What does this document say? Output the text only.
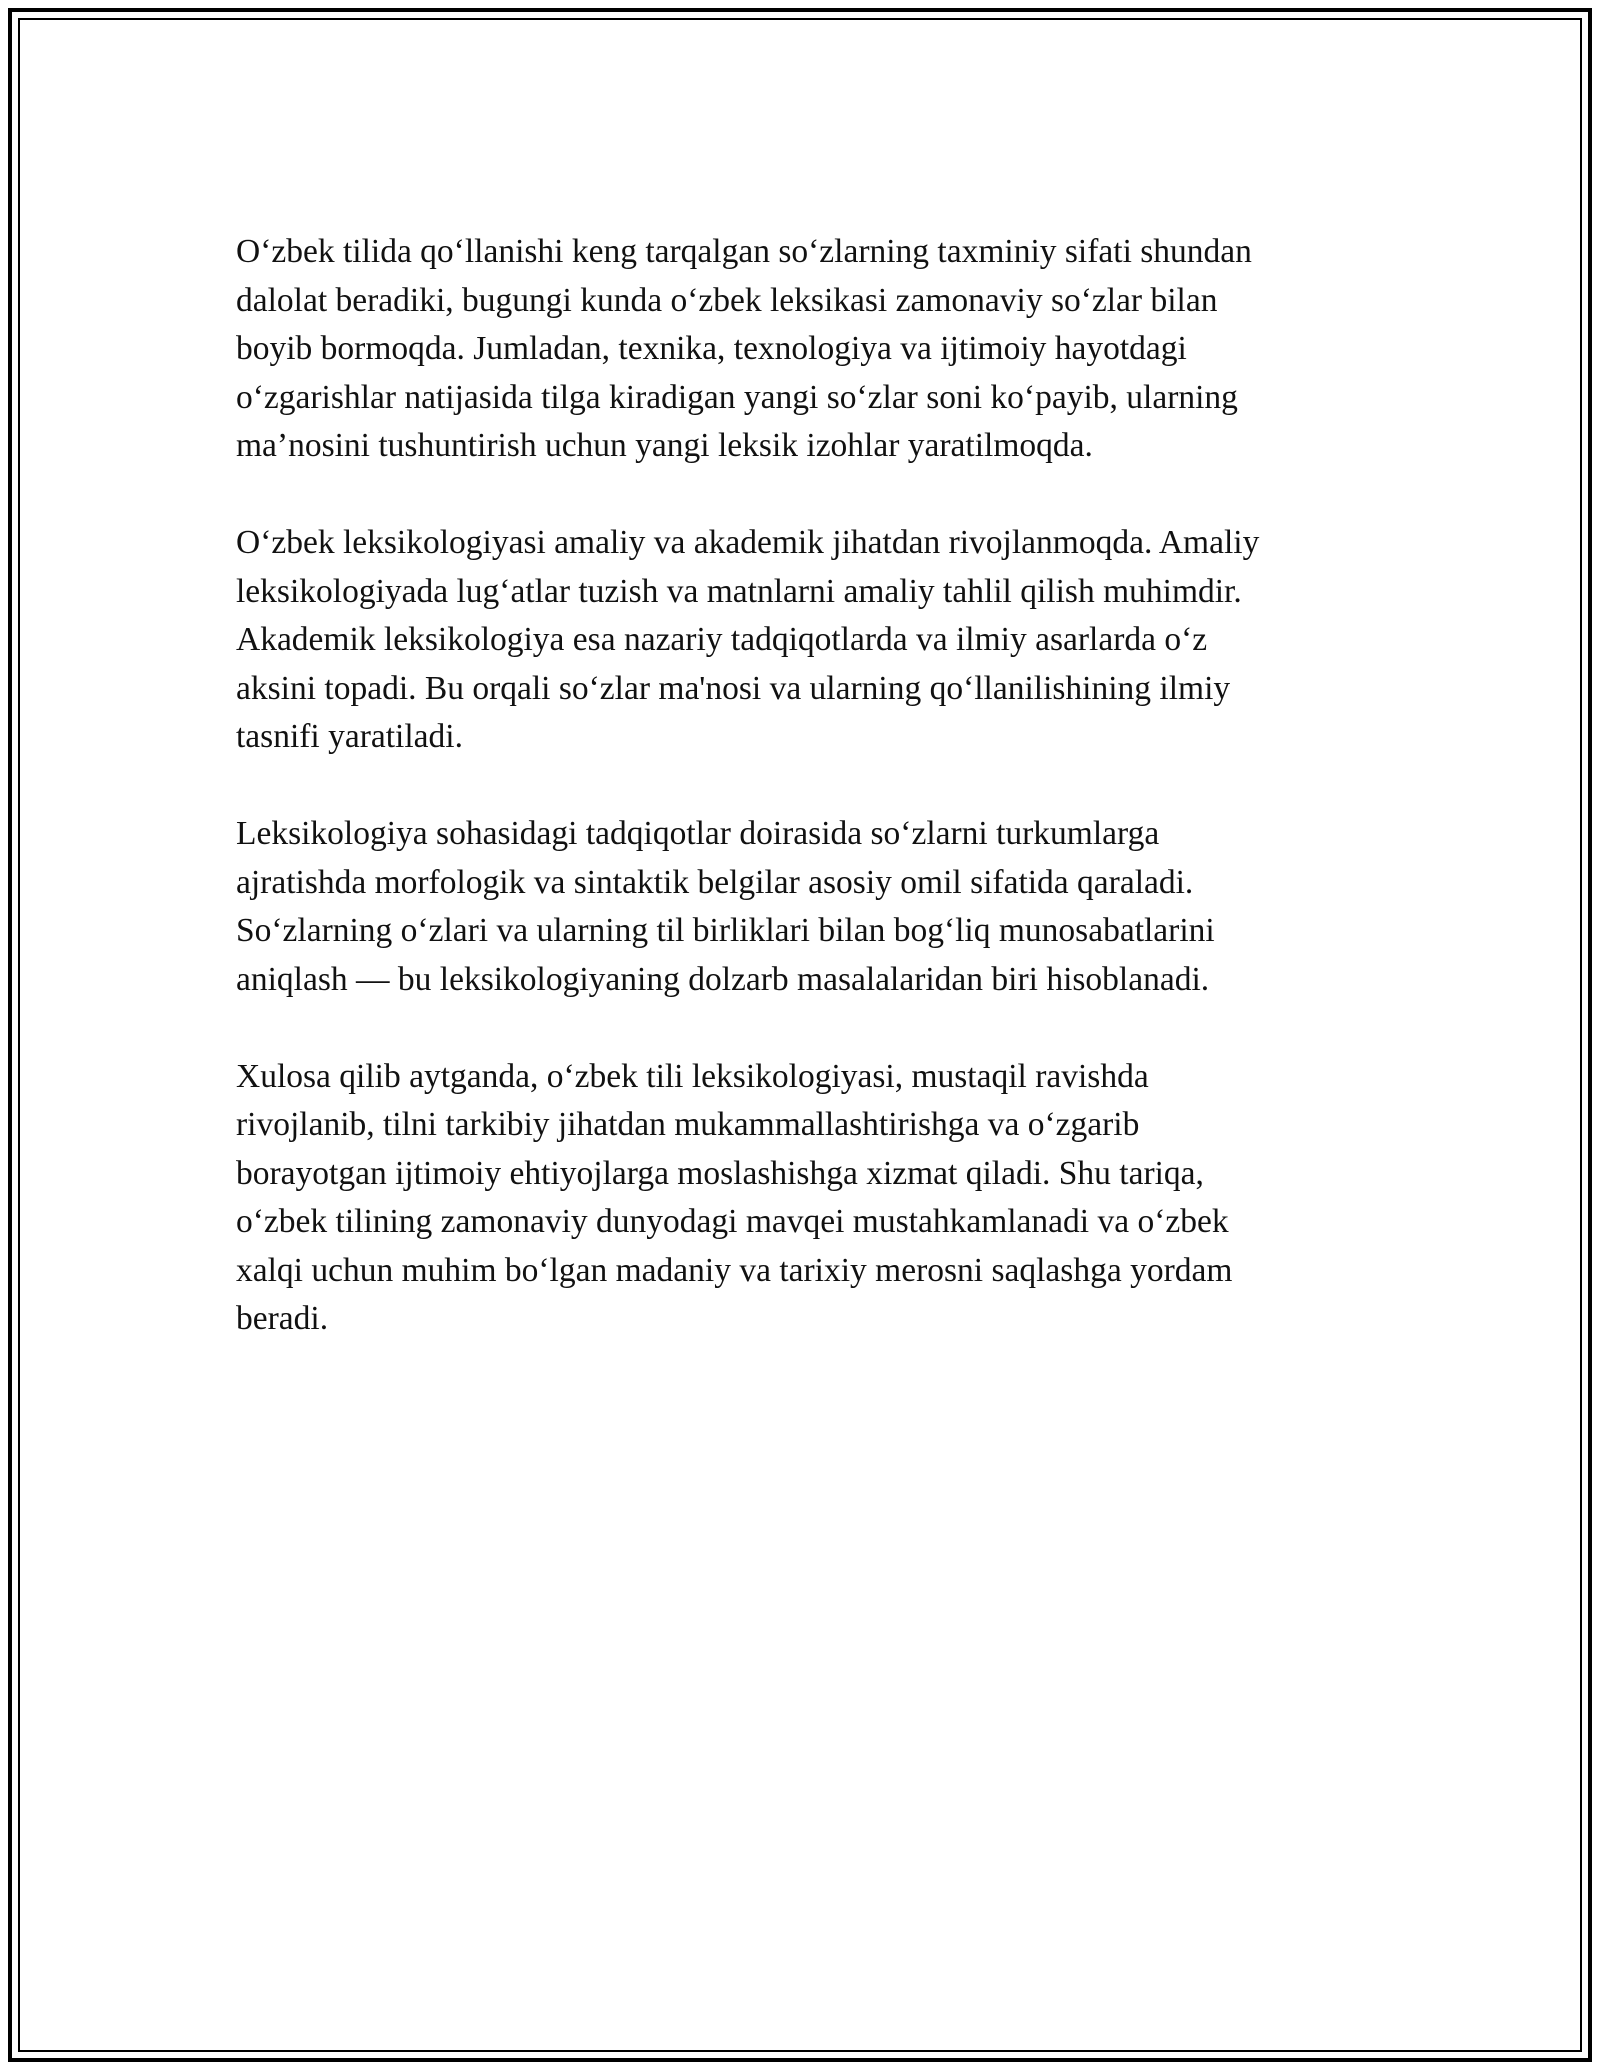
O‘zbek tilida qo‘llanishi keng tarqalgan so‘zlarning taxminiy sifati shundan
dalolat beradiki, bugungi kunda o‘zbek leksikasi zamonaviy so‘zlar bilan
boyib bormoqda. Jumladan, texnika, texnologiya va ijtimoiy hayotdagi
o‘zgarishlar natijasida tilga kiradigan yangi so‘zlar soni ko‘payib, ularning
ma’nosini tushuntirish uchun yangi leksik izohlar yaratilmoqda.

O‘zbek leksikologiyasi amaliy va akademik jihatdan rivojlanmoqda. Amaliy
leksikologiyada lug‘atlar tuzish va matnlarni amaliy tahlil qilish muhimdir.
Akademik leksikologiya esa nazariy tadqiqotlarda va ilmiy asarlarda o‘z
aksini topadi. Bu orqali so‘zlar ma'nosi va ularning qo‘llanilishining ilmiy
tasnifi yaratiladi.

Leksikologiya sohasidagi tadqiqotlar doirasida so‘zlarni turkumlarga
ajratishda morfologik va sintaktik belgilar asosiy omil sifatida qaraladi.
So‘zlarning o‘zlari va ularning til birliklari bilan bog‘liq munosabatlarini
aniqlash — bu leksikologiyaning dolzarb masalalaridan biri hisoblanadi.

Xulosa qilib aytganda, o‘zbek tili leksikologiyasi, mustaqil ravishda
rivojlanib, tilni tarkibiy jihatdan mukammallashtirishga va o‘zgarib
borayotgan ijtimoiy ehtiyojlarga moslashishga xizmat qiladi. Shu tariqa,
o‘zbek tilining zamonaviy dunyodagi mavqei mustahkamlanadi va o‘zbek
xalqi uchun muhim bo‘lgan madaniy va tarixiy merosni saqlashga yordam
beradi.
